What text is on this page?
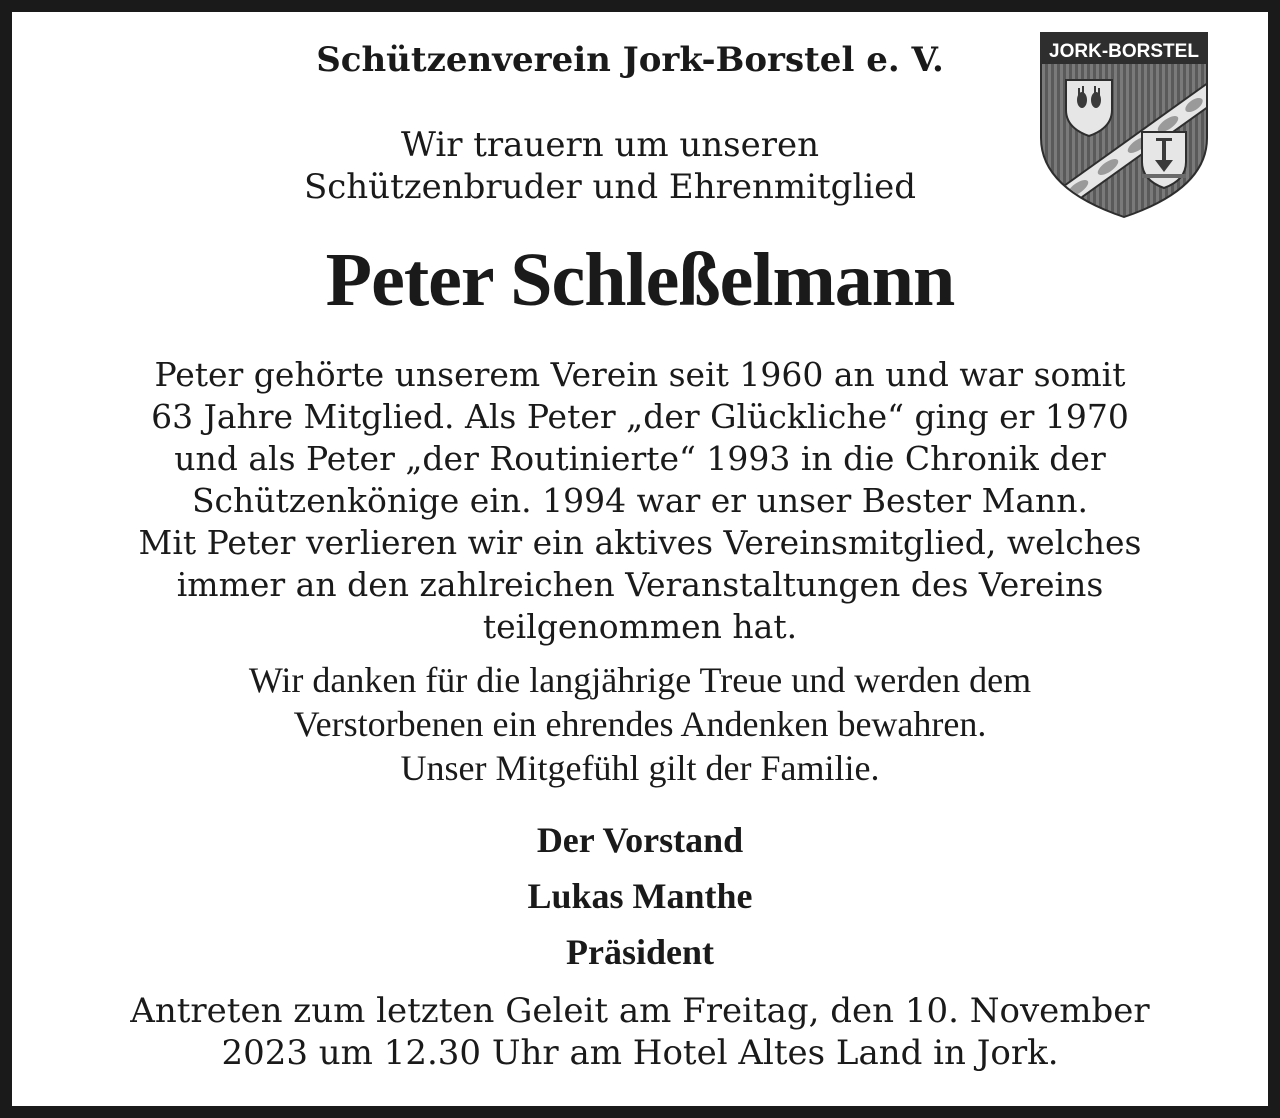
Schützenverein Jork-Borstel e. V.	JORK-BORSTEL
Wir trauern um unseren
Schützenbruder und Ehrenmitglied
Peter Schleßelmann
Peter gehörte unserem Verein seit 1960 an und war somit
63 Jahre Mitglied. Als Peter „der Glückliche“ ging er 1970
und als Peter „der Routinierte“ 1993 in die Chronik der
Schützenkönige ein. 1994 war er unser Bester Mann.
Mit Peter verlieren wir ein aktives Vereinsmitglied, welches
immer an den zahlreichen Veranstaltungen des Vereins
teilgenommen hat.
Wir danken für die langjährige Treue und werden dem
Verstorbenen ein ehrendes Andenken bewahren.
Unser Mitgefühl gilt der Familie.
Der Vorstand
Lukas Manthe
Präsident
Antreten zum letzten Geleit am Freitag, den 10. November
2023 um 12.30 Uhr am Hotel Altes Land in Jork.
